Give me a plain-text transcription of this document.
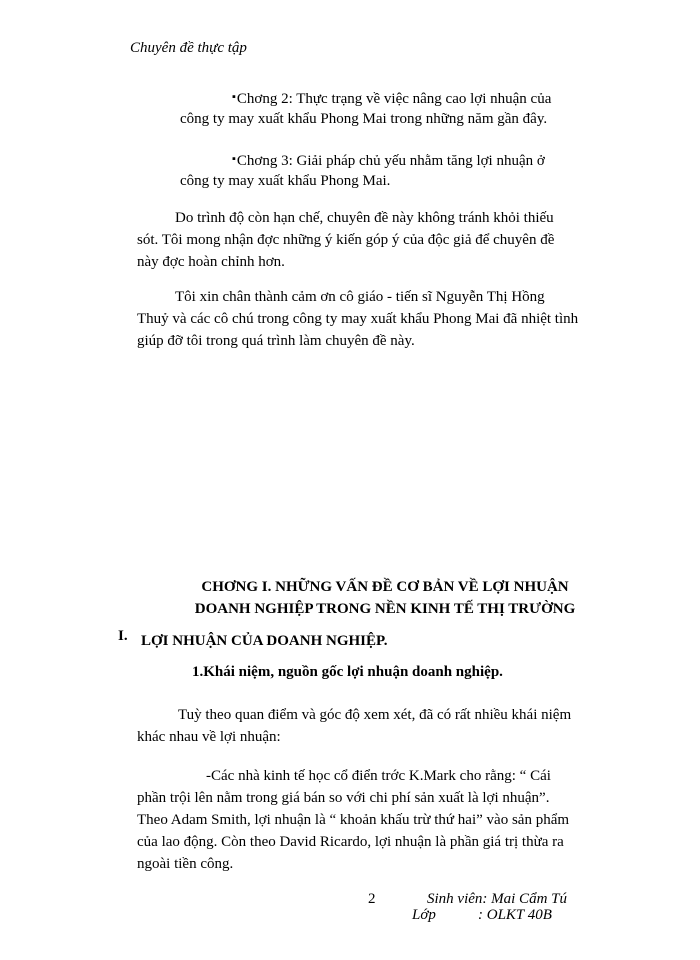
Chuyên đề thực tập
▪Chơng 2: Thực trạng về việc nâng cao lợi nhuận của
công ty may xuất khẩu Phong Mai trong những năm gần đây.
▪Chơng 3: Giải pháp chủ yếu nhằm tăng lợi nhuận ở
công ty may xuất khẩu Phong Mai.
Do trình độ còn hạn chế, chuyên đề này không tránh khỏi thiếu
sót. Tôi mong nhận đợc những ý kiến góp ý của độc giả để chuyên đề
này đợc hoàn chỉnh hơn.
Tôi xin chân thành cảm ơn cô giáo - tiến sĩ Nguyễn Thị Hồng
Thuỷ và các cô chú trong công ty may xuất khẩu Phong Mai đã nhiệt tình
giúp đỡ tôi trong quá trình làm chuyên đề này.
CHƠNG I. NHỮNG VẤN ĐỀ CƠ BẢN VỀ LỢI NHUẬN
DOANH NGHIỆP TRONG NỀN KINH TẾ THỊ TRƯỜNG
I. LỢI NHUẬN CỦA DOANH NGHIỆP.
1.Khái niệm, nguồn gốc lợi nhuận doanh nghiệp.
Tuỳ theo quan điểm và góc độ xem xét, đã có rất nhiều khái niệm
khác nhau về lợi nhuận:
-Các nhà kinh tế học cổ điển trớc K.Mark cho rằng: “ Cái
phần trội lên nằm trong giá bán so với chi phí sản xuất là lợi nhuận”.
Theo Adam Smith, lợi nhuận là “ khoản khấu trừ thứ hai” vào sản phẩm
của lao động. Còn theo David Ricardo, lợi nhuận là phần giá trị thừa ra
ngoài tiền công.
2	Sinh viên: Mai Cẩm Tú
Lớp	: OLKT 40B
